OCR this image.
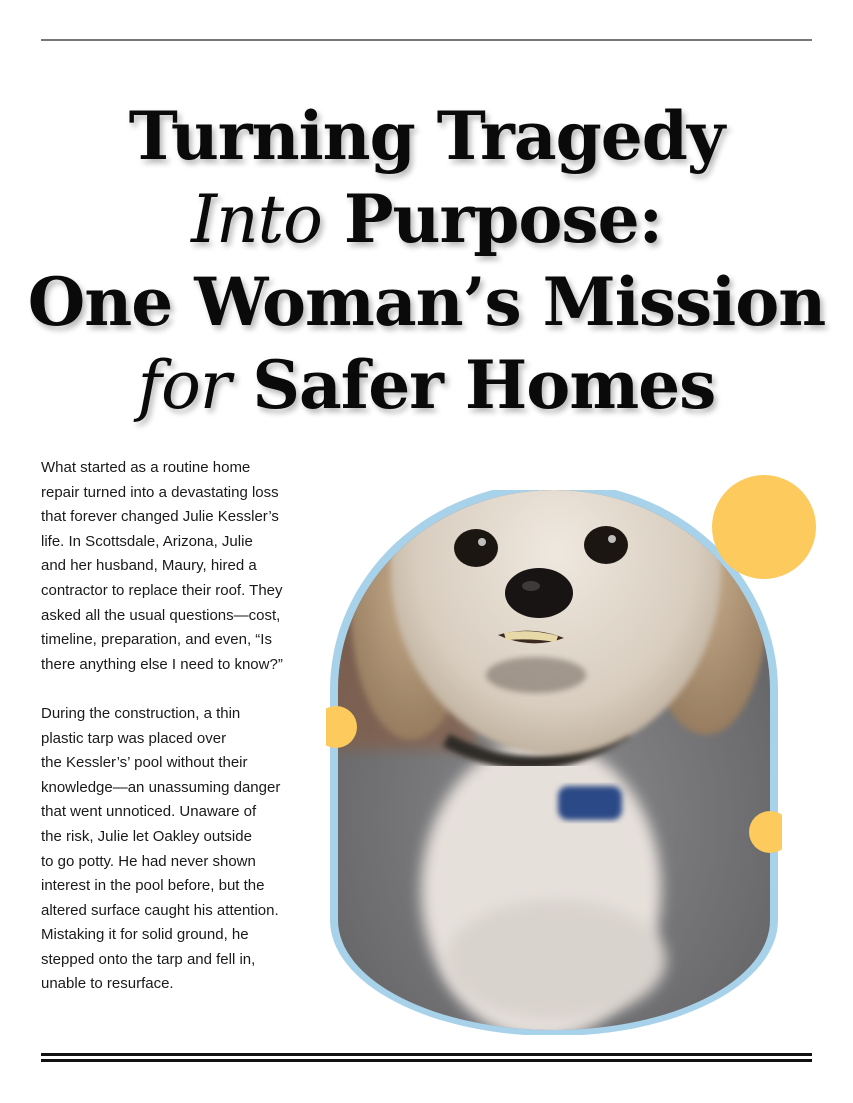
Turning Tragedy
Into Purpose:
One Woman’s Mission
for Safer Homes

What started as a routine home
repair turned into a devastating loss
that forever changed Julie Kessler’s
life. In Scottsdale, Arizona, Julie
and her husband, Maury, hired a
contractor to replace their roof. They
asked all the usual questions—cost,
timeline, preparation, and even, “Is
there anything else I need to know?”

During the construction, a thin
plastic tarp was placed over
the Kessler’s’ pool without their
knowledge—an unassuming danger
that went unnoticed. Unaware of
the risk, Julie let Oakley outside
to go potty. He had never shown
interest in the pool before, but the
altered surface caught his attention.
Mistaking it for solid ground, he
stepped onto the tarp and fell in,
unable to resurface.
